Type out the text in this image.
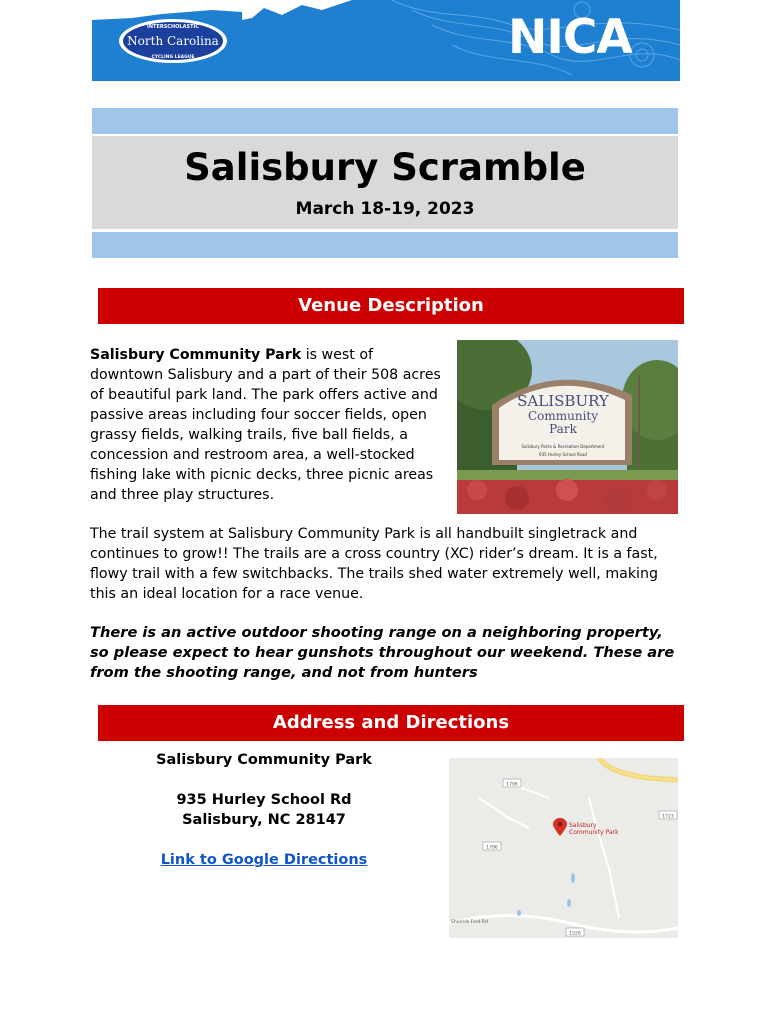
INTERSCHOLASTIC
North Carolina
CYCLING LEAGUE	NICA
Salisbury Scramble
March 18-19, 2023
Venue Description
Salisbury Community Park is west of downtown Salisbury and a part of their 508 acres of beautiful park land. The park offers active and passive areas including four soccer fields, open grassy fields, walking trails, five ball fields, a concession and restroom area, a well-stocked fishing lake with picnic decks, three picnic areas and three play structures.
SALISBURY
Community
Park
Salisbury Parks & Recreation Department
935 Hurley School Road
The trail system at Salisbury Community Park is all handbuilt singletrack and continues to grow!! The trails are a cross country (XC) rider’s dream. It is a fast, flowy trail with a few switchbacks. The trails shed water extremely well, making this an ideal location for a race venue.
There is an active outdoor shooting range on a neighboring property, so please expect to hear gunshots throughout our weekend. These are from the shooting range, and not from hunters
Address and Directions
Salisbury Community Park
935 Hurley School Rd
Salisbury, NC 28147
Link to Google Directions
1796
1796
1723
1526
Sherrills Ford Rd
Salisbury
Community Park
